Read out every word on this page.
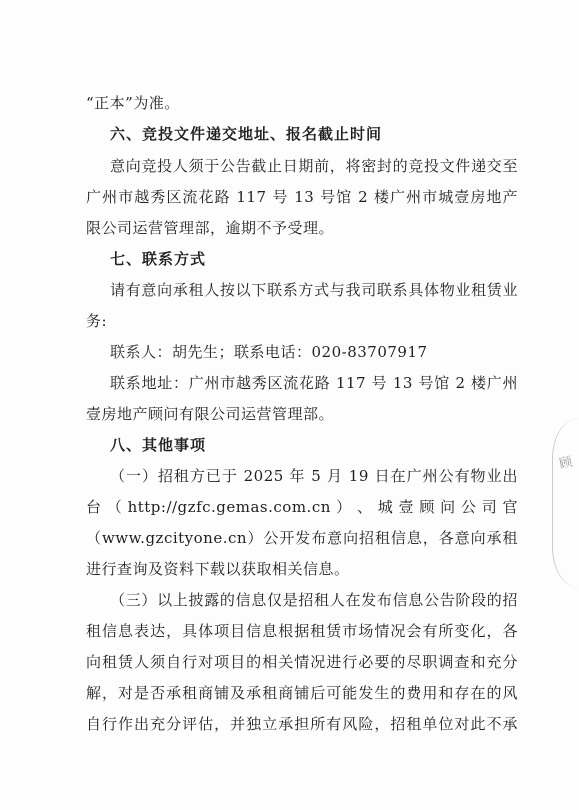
“正本”为准。
六、竞投文件递交地址、报名截止时间
意向竞投人须于公告截止日期前，将密封的竞投文件递交至
广州市越秀区流花路 117 号 13 号馆 2 楼广州市城壹房地产
限公司运营管理部，逾期不予受理。
七、联系方式
请有意向承租人按以下联系方式与我司联系具体物业租赁业
务:
联系人：胡先生；联系电话：020-83707917
联系地址：广州市越秀区流花路 117 号 13 号馆 2 楼广州
壹房地产顾问有限公司运营管理部。
八、其他事项
（一）招租方已于 2025 年 5 月 19 日在广州公有物业出
台 （ http://gzfc.gemas.com.cn ） 、 城 壹 顾 问 公 司 官
（www.gzcityone.cn）公开发布意向招租信息，各意向承租
进行查询及资料下载以获取相关信息。
（三）以上披露的信息仅是招租人在发布信息公告阶段的招
租信息表达，具体项目信息根据租赁市场情况会有所变化，各
向租赁人须自行对项目的相关情况进行必要的尽职调查和充分
解，对是否承租商铺及承租商铺后可能发生的费用和存在的风
自行作出充分评估，并独立承担所有风险，招租单位对此不承
顾
